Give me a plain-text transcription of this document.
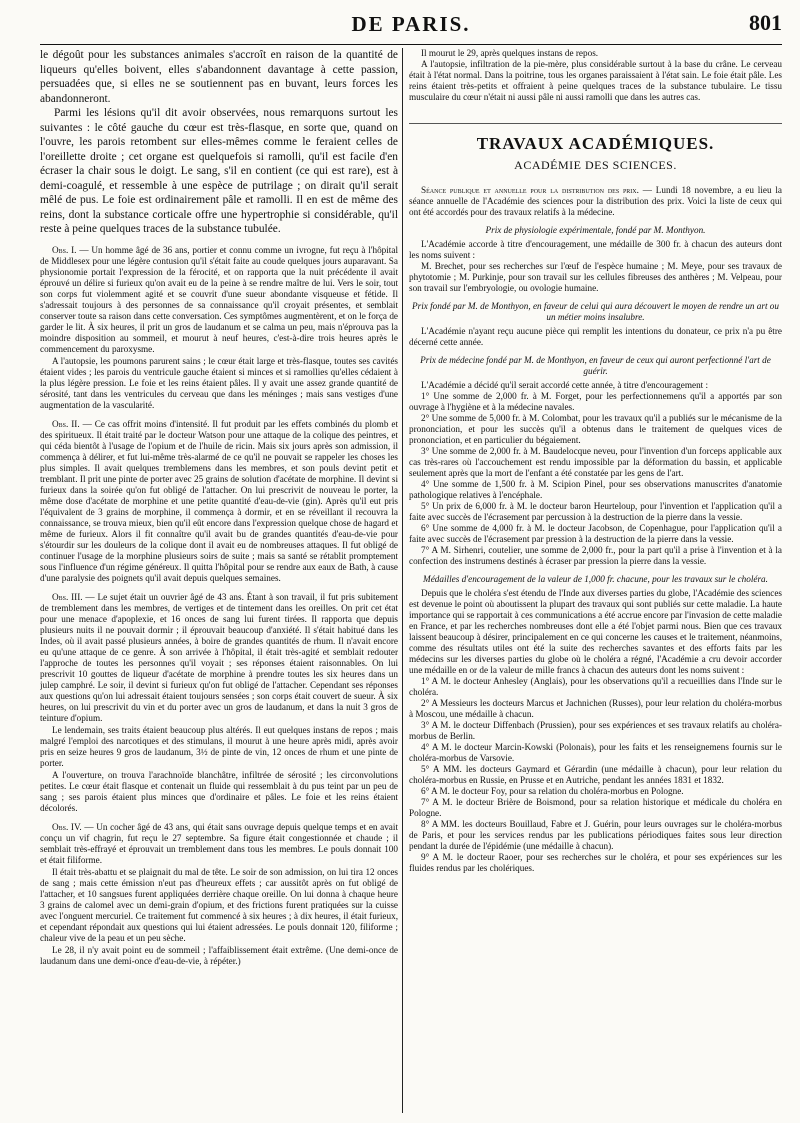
DE PARIS.	801

le dégoût pour les substances animales s'accroît en raison de la quantité de liqueurs qu'elles boivent, elles s'abandonnent davantage à cette passion, persuadées que, si elles ne se soutiennent pas en buvant, leurs forces les abandonneront.

Parmi les lésions qu'il dit avoir observées, nous remarquons surtout les suivantes : le côté gauche du cœur est très-flasque, en sorte que, quand on l'ouvre, les parois retombent sur elles-mêmes comme le feraient celles de l'oreillette droite ; cet organe est quelquefois si ramolli, qu'il est facile d'en écraser la chair sous le doigt. Le sang, s'il en contient (ce qui est rare), est à demi-coagulé, et ressemble à une espèce de putrilage ; on dirait qu'il serait mêlé de pus. Le foie est ordinairement pâle et ramolli. Il en est de même des reins, dont la substance corticale offre une hypertrophie si considérable, qu'il reste à peine quelques traces de la substance tubulée.

Obs. I. — Un homme âgé de 36 ans, portier et connu comme un ivrogne, fut reçu à l'hôpital de Middlesex pour une légère contusion qu'il s'était faite au coude quelques jours auparavant. Sa physionomie portait l'expression de la férocité, et on rapporta que la nuit précédente il avait éprouvé un délire si furieux qu'on avait eu de la peine à se rendre maître de lui. Vers le soir, tout son corps fut violemment agité et se couvrit d'une sueur abondante visqueuse et fétide. Il s'adressait toujours à des personnes de sa connaissance qu'il croyait présentes, et semblait conserver toute sa raison dans cette conversation. Ces symptômes augmentèrent, et on le força de garder le lit. À six heures, il prit un gros de laudanum et se calma un peu, mais n'éprouva pas la moindre disposition au sommeil, et mourut à neuf heures, c'est-à-dire trois heures après le commencement du paroxysme.

A l'autopsie, les poumons parurent sains ; le cœur était large et très-flasque, toutes ses cavités étaient vides ; les parois du ventricule gauche étaient si minces et si ramollies qu'elles cédaient à la plus légère pression. Le foie et les reins étaient pâles. Il y avait une assez grande quantité de sérosité, tant dans les ventricules du cerveau que dans les méninges ; mais sans vestiges d'une augmentation de la vascularité.

Obs. II. — Ce cas offrit moins d'intensité. Il fut produit par les effets combinés du plomb et des spiritueux. Il était traité par le docteur Watson pour une attaque de la colique des peintres, et qui céda bientôt à l'usage de l'opium et de l'huile de ricin. Mais six jours après son admission, il commença à délirer, et fut lui-même très-alarmé de ce qu'il ne pouvait se rappeler les choses les plus simples. Il avait quelques tremblemens dans les membres, et son pouls devint petit et tremblant. Il prit une pinte de porter avec 25 grains de solution d'acétate de morphine. Il devint si furieux dans la soirée qu'on fut obligé de l'attacher. On lui prescrivit de nouveau le porter, la même dose d'acétate de morphine et une petite quantité d'eau-de-vie (gin). Après qu'il eut pris l'équivalent de 3 grains de morphine, il commença à dormir, et en se réveillant il recouvra la connaissance, se trouva mieux, bien qu'il eût encore dans l'expression quelque chose de hagard et même de furieux. Alors il fit connaître qu'il avait bu de grandes quantités d'eau-de-vie pour s'étourdir sur les douleurs de la colique dont il avait eu de nombreuses attaques. Il fut obligé de continuer l'usage de la morphine plusieurs soirs de suite ; mais sa santé se rétablit promptement sous l'influence d'un régime généreux. Il quitta l'hôpital pour se rendre aux eaux de Bath, à cause d'une paralysie des poignets qu'il avait depuis quelques semaines.

Obs. III. — Le sujet était un ouvrier âgé de 43 ans. Étant à son travail, il fut pris subitement de tremblement dans les membres, de vertiges et de tintement dans les oreilles. On prit cet état pour une menace d'apoplexie, et 16 onces de sang lui furent tirées. Il rapporta que depuis plusieurs nuits il ne pouvait dormir ; il éprouvait beaucoup d'anxiété. Il s'était habitué dans les Indes, où il avait passé plusieurs années, à boire de grandes quantités de rhum. Il n'avait encore eu qu'une attaque de ce genre. À son arrivée à l'hôpital, il était très-agité et semblait redouter l'approche de toutes les personnes qu'il voyait ; ses réponses étaient raisonnables. On lui prescrivit 10 gouttes de liqueur d'acétate de morphine à prendre toutes les six heures dans un julep camphré. Le soir, il devint si furieux qu'on fut obligé de l'attacher. Cependant ses réponses aux questions qu'on lui adressait étaient toujours sensées ; son corps était couvert de sueur. À six heures, on lui prescrivit du vin et du porter avec un gros de laudanum, et dans la nuit 3 gros de teinture d'opium.

Le lendemain, ses traits étaient beaucoup plus altérés. Il eut quelques instans de repos ; mais malgré l'emploi des narcotiques et des stimulans, il mourut à une heure après midi, après avoir pris en seize heures 9 gros de laudanum, 3½ de pinte de vin, 12 onces de rhum et une pinte de porter.

A l'ouverture, on trouva l'arachnoïde blanchâtre, infiltrée de sérosité ; les circonvolutions petites. Le cœur était flasque et contenait un fluide qui ressemblait à du pus teint par un peu de sang ; ses parois étaient plus minces que d'ordinaire et pâles. Le foie et les reins étaient décolorés.

Obs. IV. — Un cocher âgé de 43 ans, qui était sans ouvrage depuis quelque temps et en avait conçu un vif chagrin, fut reçu le 27 septembre. Sa figure était congestionnée et chaude ; il semblait très-effrayé et éprouvait un tremblement dans tous les membres. Le pouls donnait 100 et était filiforme.

Il était très-abattu et se plaignait du mal de tête. Le soir de son admission, on lui tira 12 onces de sang ; mais cette émission n'eut pas d'heureux effets ; car aussitôt après on fut obligé de l'attacher, et 10 sangsues furent appliquées derrière chaque oreille. On lui donna à chaque heure 3 grains de calomel avec un demi-grain d'opium, et des frictions furent pratiquées sur la cuisse avec l'onguent mercuriel. Ce traitement fut commencé à six heures ; à dix heures, il était furieux, et cependant répondait aux questions qui lui étaient adressées. Le pouls donnait 120, filiforme ; chaleur vive de la peau et un peu sèche.

Le 28, il n'y avait point eu de sommeil ; l'affaiblissement était extrême. (Une demi-once de laudanum dans une demi-once d'eau-de-vie, à répéter.)

Il mourut le 29, après quelques instans de repos.

A l'autopsie, infiltration de la pie-mère, plus considérable surtout à la base du crâne. Le cerveau était à l'état normal. Dans la poitrine, tous les organes paraissaient à l'état sain. Le foie était pâle. Les reins étaient très-petits et offraient à peine quelques traces de la substance tubulaire. Le tissu musculaire du cœur n'était ni aussi pâle ni aussi ramolli que dans les autres cas.

TRAVAUX ACADÉMIQUES.
ACADÉMIE DES SCIENCES.

Séance publique et annuelle pour la distribution des prix. — Lundi 18 novembre, a eu lieu la séance annuelle de l'Académie des sciences pour la distribution des prix. Voici la liste de ceux qui ont été accordés pour des travaux relatifs à la médecine.

Prix de physiologie expérimentale, fondé par M. Monthyon.

L'Académie accorde à titre d'encouragement, une médaille de 300 fr. à chacun des auteurs dont les noms suivent :

M. Brechet, pour ses recherches sur l'œuf de l'espèce humaine ; M. Meye, pour ses travaux de phytotomie ; M. Purkinje, pour son travail sur les cellules fibreuses des anthères ; M. Velpeau, pour son travail sur l'embryologie, ou ovologie humaine.

Prix fondé par M. de Monthyon, en faveur de celui qui aura découvert le moyen de rendre un art ou un métier moins insalubre.

L'Académie n'ayant reçu aucune pièce qui remplit les intentions du donateur, ce prix n'a pu être décerné cette année.

Prix de médecine fondé par M. de Monthyon, en faveur de ceux qui auront perfectionné l'art de guérir.

L'Académie a décidé qu'il serait accordé cette année, à titre d'encouragement :

1° Une somme de 2,000 fr. à M. Forget, pour les perfectionnemens qu'il a apportés par son ouvrage à l'hygiène et à la médecine navales.

2° Une somme de 5,000 fr. à M. Colombat, pour les travaux qu'il a publiés sur le mécanisme de la prononciation, et pour les succès qu'il a obtenus dans le traitement de quelques vices de prononciation, et en particulier du bégaiement.

3° Une somme de 2,000 fr. à M. Baudelocque neveu, pour l'invention d'un forceps applicable aux cas très-rares où l'accouchement est rendu impossible par la déformation du bassin, et applicable seulement après que la mort de l'enfant a été constatée par les gens de l'art.

4° Une somme de 1,500 fr. à M. Scipion Pinel, pour ses observations manuscrites d'anatomie pathologique relatives à l'encéphale.

5° Un prix de 6,000 fr. à M. le docteur baron Heurteloup, pour l'invention et l'application qu'il a faite avec succès de l'écrasement par percussion à la destruction de la pierre dans la vessie.

6° Une somme de 4,000 fr. à M. le docteur Jacobson, de Copenhague, pour l'application qu'il a faite avec succès de l'écrasement par pression à la destruction de la pierre dans la vessie.

7° A M. Sirhenri, coutelier, une somme de 2,000 fr., pour la part qu'il a prise à l'invention et à la confection des instrumens destinés à écraser par pression la pierre dans la vessie.

Médailles d'encouragement de la valeur de 1,000 fr. chacune, pour les travaux sur le choléra.

Depuis que le choléra s'est étendu de l'Inde aux diverses parties du globe, l'Académie des sciences est devenue le point où aboutissent la plupart des travaux qui sont publiés sur cette maladie. La haute importance qui se rapportait à ces communications a été accrue encore par l'invasion de cette maladie en France, et par les recherches nombreuses dont elle a été l'objet parmi nous. Bien que ces travaux laissent beaucoup à désirer, principalement en ce qui concerne les causes et le traitement, néanmoins, comme des résultats utiles ont été la suite des recherches savantes et des efforts faits par les médecins sur les diverses parties du globe où le choléra a régné, l'Académie a cru devoir accorder une médaille en or de la valeur de mille francs à chacun des auteurs dont les noms suivent :

1° A M. le docteur Anhesley (Anglais), pour les observations qu'il a recueillies dans l'Inde sur le choléra.

2° A Messieurs les docteurs Marcus et Jachnichen (Russes), pour leur relation du choléra-morbus à Moscou, une médaille à chacun.

3° A M. le docteur Diffenbach (Prussien), pour ses expériences et ses travaux relatifs au choléra-morbus de Berlin.

4° A M. le docteur Marcin-Kowski (Polonais), pour les faits et les renseignemens fournis sur le choléra-morbus de Varsovie.

5° A MM. les docteurs Gaymard et Gérardin (une médaille à chacun), pour leur relation du choléra-morbus en Russie, en Prusse et en Autriche, pendant les années 1831 et 1832.

6° A M. le docteur Foy, pour sa relation du choléra-morbus en Pologne.

7° A M. le docteur Brière de Boismond, pour sa relation historique et médicale du choléra en Pologne.

8° A MM. les docteurs Bouillaud, Fabre et J. Guérin, pour leurs ouvrages sur le choléra-morbus de Paris, et pour les services rendus par les publications périodiques faites sous leur direction pendant la durée de l'épidémie (une médaille à chacun).

9° A M. le docteur Raoer, pour ses recherches sur le choléra, et pour ses expériences sur les fluides rendus par les cholériques.
